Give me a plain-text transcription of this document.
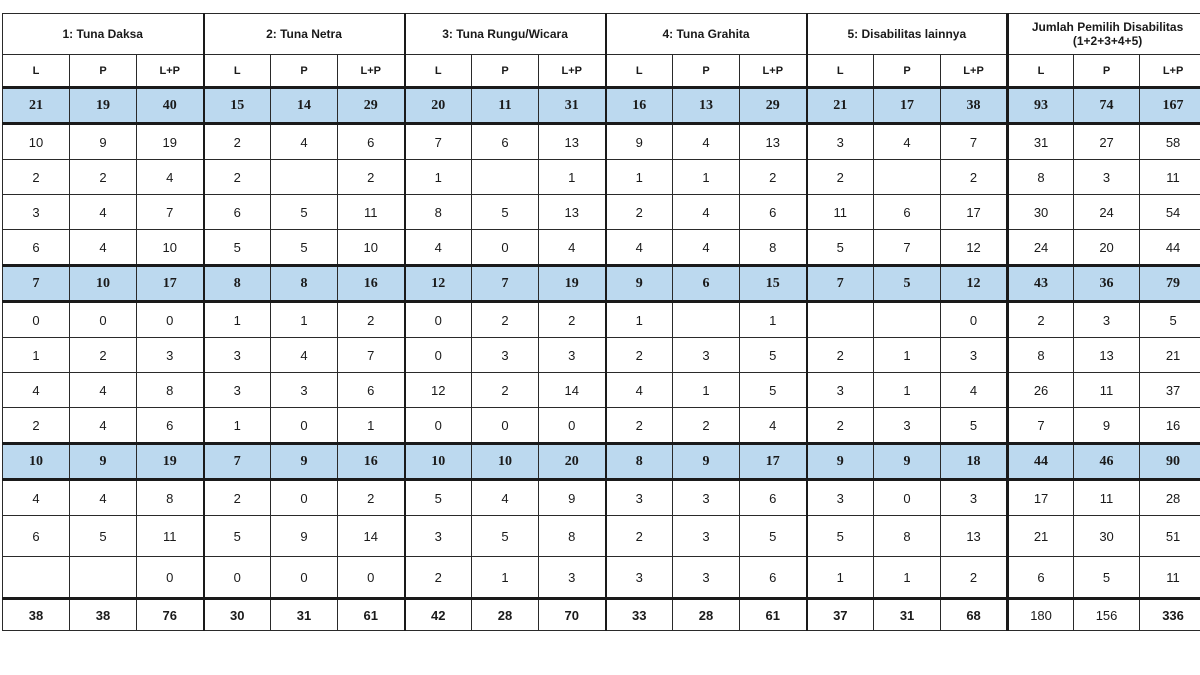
1: Tuna Daksa			2: Tuna Netra			3: Tuna Rungu/Wicara			4: Tuna Grahita			5: Disabilitas lainnya			Jumlah Pemilih Disabilitas
(1+2+3+4+5)		
L	P	L+P	L	P	L+P	L	P	L+P	L	P	L+P	L	P	L+P	L	P	L+P
21	19	40	15	14	29	20	11	31	16	13	29	21	17	38	93	74	167
10	9	19	2	4	6	7	6	13	9	4	13	3	4	7	31	27	58
2	2	4	2		2	1		1	1	1	2	2		2	8	3	11
3	4	7	6	5	11	8	5	13	2	4	6	11	6	17	30	24	54
6	4	10	5	5	10	4	0	4	4	4	8	5	7	12	24	20	44
7	10	17	8	8	16	12	7	19	9	6	15	7	5	12	43	36	79
0	0	0	1	1	2	0	2	2	1		1			0	2	3	5
1	2	3	3	4	7	0	3	3	2	3	5	2	1	3	8	13	21
4	4	8	3	3	6	12	2	14	4	1	5	3	1	4	26	11	37
2	4	6	1	0	1	0	0	0	2	2	4	2	3	5	7	9	16
10	9	19	7	9	16	10	10	20	8	9	17	9	9	18	44	46	90
4	4	8	2	0	2	5	4	9	3	3	6	3	0	3	17	11	28
6	5	11	5	9	14	3	5	8	2	3	5	5	8	13	21	30	51
		0	0	0	0	2	1	3	3	3	6	1	1	2	6	5	11
38	38	76	30	31	61	42	28	70	33	28	61	37	31	68	180	156	336
